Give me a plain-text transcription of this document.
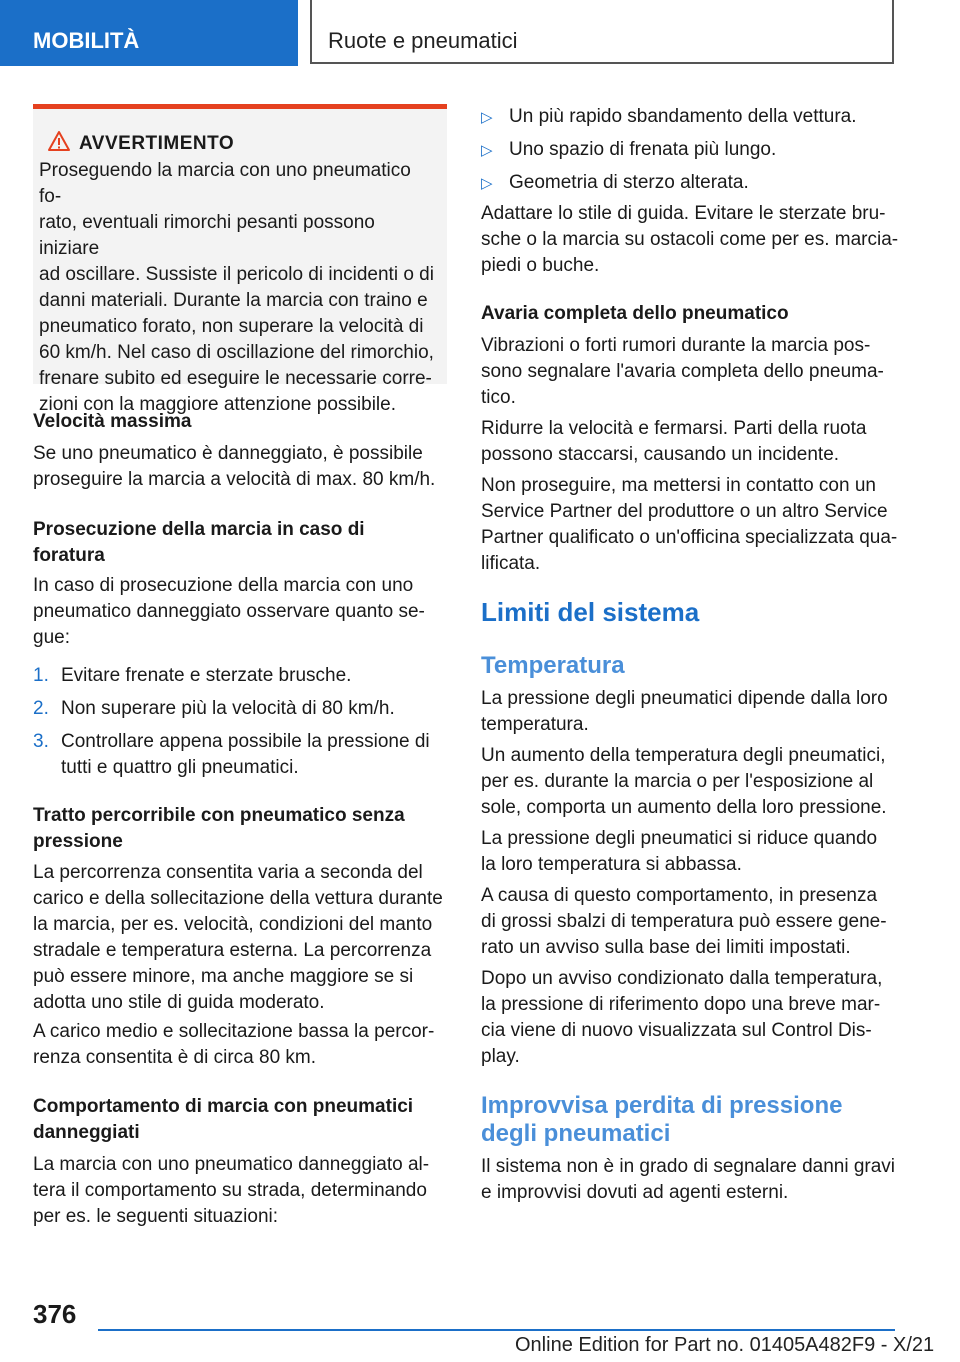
MOBILITÀ	Ruote e pneumatici
AVVERTIMENTO
Proseguendo la marcia con uno pneumatico fo-
rato, eventuali rimorchi pesanti possono iniziare
ad oscillare. Sussiste il pericolo di incidenti o di
danni materiali. Durante la marcia con traino e
pneumatico forato, non superare la velocità di
60 km/h. Nel caso di oscillazione del rimorchio,
frenare subito ed eseguire le necessarie corre-
zioni con la maggiore attenzione possibile.
Velocità massima
Se uno pneumatico è danneggiato, è possibile
proseguire la marcia a velocità di max. 80 km/h.
Prosecuzione della marcia in caso di
foratura
In caso di prosecuzione della marcia con uno
pneumatico danneggiato osservare quanto se-
gue:
1. Evitare frenate e sterzate brusche.
2. Non superare più la velocità di 80 km/h.
3. Controllare appena possibile la pressione di
tutti e quattro gli pneumatici.
Tratto percorribile con pneumatico senza
pressione
La percorrenza consentita varia a seconda del
carico e della sollecitazione della vettura durante
la marcia, per es. velocità, condizioni del manto
stradale e temperatura esterna. La percorrenza
può essere minore, ma anche maggiore se si
adotta uno stile di guida moderato.
A carico medio e sollecitazione bassa la percor-
renza consentita è di circa 80 km.
Comportamento di marcia con pneumatici
danneggiati
La marcia con uno pneumatico danneggiato al-
tera il comportamento su strada, determinando
per es. le seguenti situazioni:
▷ Un più rapido sbandamento della vettura.
▷ Uno spazio di frenata più lungo.
▷ Geometria di sterzo alterata.
Adattare lo stile di guida. Evitare le sterzate bru-
sche o la marcia su ostacoli come per es. marcia-
piedi o buche.
Avaria completa dello pneumatico
Vibrazioni o forti rumori durante la marcia pos-
sono segnalare l'avaria completa dello pneuma-
tico.
Ridurre la velocità e fermarsi. Parti della ruota
possono staccarsi, causando un incidente.
Non proseguire, ma mettersi in contatto con un
Service Partner del produttore o un altro Service
Partner qualificato o un'officina specializzata qua-
lificata.
Limiti del sistema
Temperatura
La pressione degli pneumatici dipende dalla loro
temperatura.
Un aumento della temperatura degli pneumatici,
per es. durante la marcia o per l'esposizione al
sole, comporta un aumento della loro pressione.
La pressione degli pneumatici si riduce quando
la loro temperatura si abbassa.
A causa di questo comportamento, in presenza
di grossi sbalzi di temperatura può essere gene-
rato un avviso sulla base dei limiti impostati.
Dopo un avviso condizionato dalla temperatura,
la pressione di riferimento dopo una breve mar-
cia viene di nuovo visualizzata sul Control Dis-
play.
Improvvisa perdita di pressione
degli pneumatici
Il sistema non è in grado di segnalare danni gravi
e improvvisi dovuti ad agenti esterni.
376
Online Edition for Part no. 01405A482F9 - X/21
